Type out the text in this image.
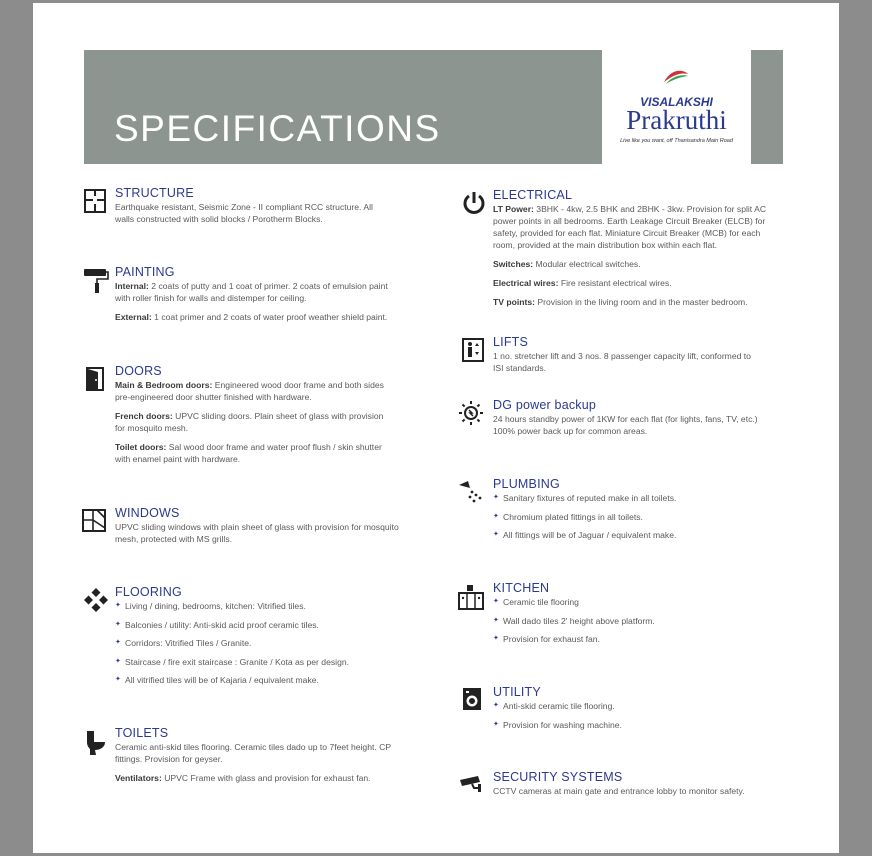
SPECIFICATIONS
VISALAKSHI
Prakruthi
Live like you want, off Thanisandra Main Road
STRUCTURE

Earthquake resistant, Seismic Zone - II compliant RCC structure. All walls constructed with solid blocks / Porotherm Blocks.

PAINTING

Internal: 2 coats of putty and 1 coat of primer. 2 coats of emulsion paint with roller finish for walls and distemper for ceiling.

External: 1 coat primer and 2 coats of water proof weather shield paint.

DOORS

Main & Bedroom doors: Engineered wood door frame and both sides pre-engineered door shutter finished with hardware.

French doors: UPVC sliding doors. Plain sheet of glass with provision for mosquito mesh.

Toilet doors: Sal wood door frame and water proof flush / skin shutter with enamel paint with hardware.

WINDOWS

UPVC sliding windows with plain sheet of glass with provision for mosquito mesh, protected with MS grills.

FLOORING
✦ Living / dining, bedrooms, kitchen: Vitrified tiles.
✦ Balconies / utility: Anti-skid acid proof ceramic tiles.
✦ Corridors: Vitrified Tiles / Granite.
✦ Staircase / fire exit staircase : Granite / Kota as per design.
✦ All vitrified tiles will be of Kajaria / equivalent make.
TOILETS

Ceramic anti-skid tiles flooring. Ceramic tiles dado up to 7feet height. CP fittings. Provision for geyser.

Ventilators: UPVC Frame with glass and provision for exhaust fan.

ELECTRICAL

LT Power: 3BHK - 4kw, 2.5 BHK and 2BHK - 3kw. Provision for split AC power points in all bedrooms. Earth Leakage Circuit Breaker (ELCB) for safety, provided for each flat. Miniature Circuit Breaker (MCB) for each room, provided at the main distribution box within each flat.

Switches: Modular electrical switches.

Electrical wires: Fire resistant electrical wires.

TV points: Provision in the living room and in the master bedroom.

LIFTS

1 no. stretcher lift and 3 nos. 8 passenger capacity lift, conformed to ISI standards.

DG power backup

24 hours standby power of 1KW for each flat (for lights, fans, TV, etc.) 100% power back up for common areas.

PLUMBING
✦ Sanitary fixtures of reputed make in all toilets.
✦ Chromium plated fittings in all toilets.
✦ All fittings will be of Jaguar / equivalent make.
KITCHEN
✦ Ceramic tile flooring
✦ Wall dado tiles 2' height above platform.
✦ Provision for exhaust fan.
UTILITY
✦ Anti-skid ceramic tile flooring.
✦ Provision for washing machine.
SECURITY SYSTEMS

CCTV cameras at main gate and entrance lobby to monitor safety.
